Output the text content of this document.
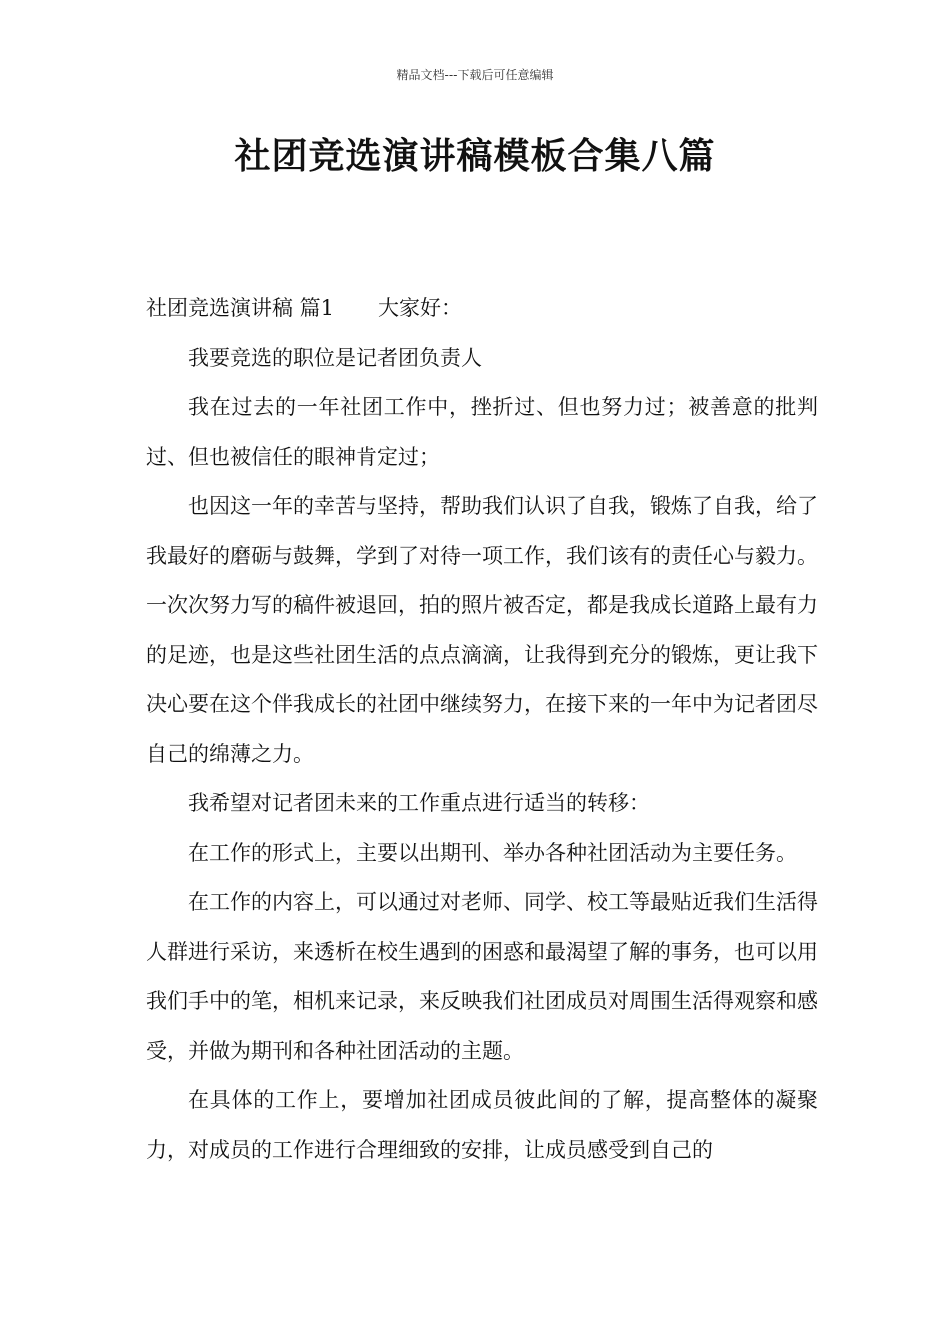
精品文档---下载后可任意编辑
社团竞选演讲稿模板合集八篇

社团竞选演讲稿 篇1 大家好：

我要竞选的职位是记者团负责人

我在过去的一年社团工作中，挫折过、但也努力过；被善意的批判过、但也被信任的眼神肯定过；

也因这一年的幸苦与坚持，帮助我们认识了自我，锻炼了自我，给了我最好的磨砺与鼓舞，学到了对待一项工作，我们该有的责任心与毅力。一次次努力写的稿件被退回，拍的照片被否定，都是我成长道路上最有力的足迹，也是这些社团生活的点点滴滴，让我得到充分的锻炼，更让我下决心要在这个伴我成长的社团中继续努力，在接下来的一年中为记者团尽自己的绵薄之力。

我希望对记者团未来的工作重点进行适当的转移：

在工作的形式上，主要以出期刊、举办各种社团活动为主要任务。

在工作的内容上，可以通过对老师、同学、校工等最贴近我们生活得人群进行采访，来透析在校生遇到的困惑和最渴望了解的事务，也可以用我们手中的笔，相机来记录，来反映我们社团成员对周围生活得观察和感受，并做为期刊和各种社团活动的主题。

在具体的工作上，要增加社团成员彼此间的了解，提高整体的凝聚力，对成员的工作进行合理细致的安排，让成员感受到自己的
